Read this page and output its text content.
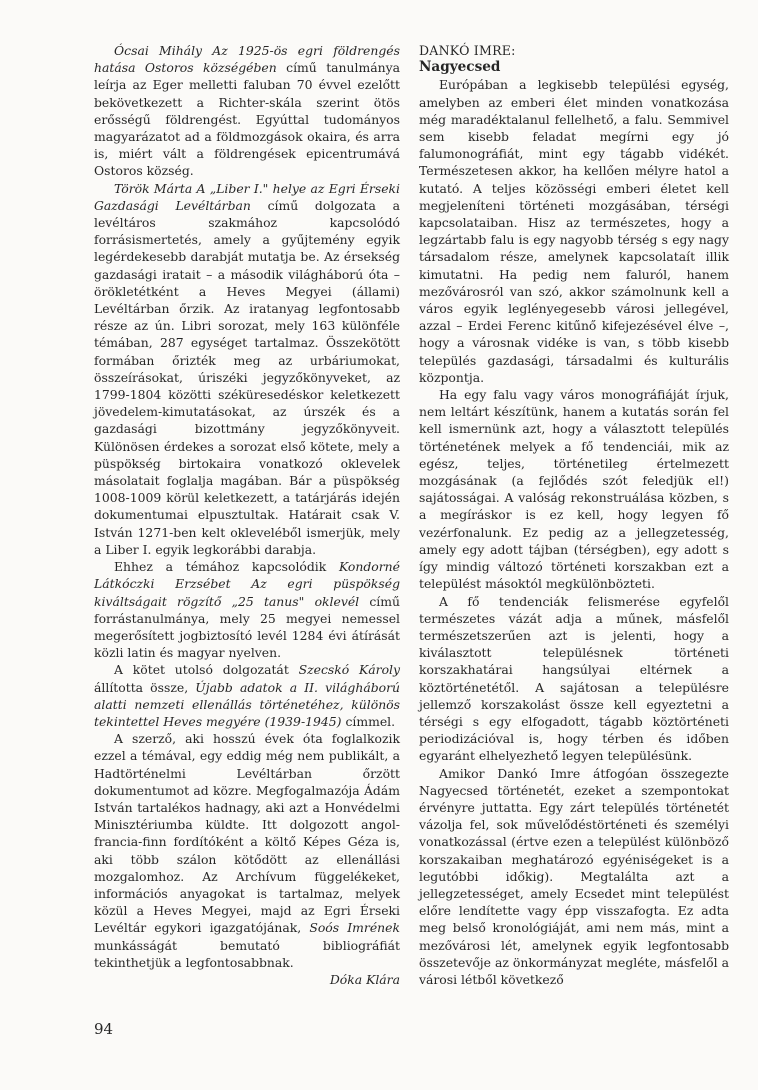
Ócsai Mihály Az 1925-ös egri földrengés hatása Ostoros községében című tanulmánya leírja az Eger melletti faluban 70 évvel ezelőtt bekövetkezett a Richter-skála szerint ötös erősségű földrengést. Egyúttal tudományos magyarázatot ad a földmozgások okaira, és arra is, miért vált a földrengések epicentrumává Ostoros község.

Török Márta A „Liber I." helye az Egri Érseki Gazdasági Levéltárban című dolgozata a levéltáros szakmához kapcsolódó forrásismertetés, amely a gyűjtemény egyik legérdekesebb darabját mutatja be. Az érsekség gazdasági iratait – a második világháború óta – örökletétként a Heves Megyei (állami) Levéltárban őrzik. Az iratanyag legfontosabb része az ún. Libri sorozat, mely 163 különféle témában, 287 egységet tartalmaz. Összekötött formában őrizték meg az urbáriumokat, összeírásokat, úriszéki jegyzőkönyveket, az 1799-1804 közötti széküresedéskor keletkezett jövedelem-kimutatásokat, az úrszék és a gazdasági bizottmány jegyzőkönyveit. Különösen érdekes a sorozat első kötete, mely a püspökség birtokaira vonatkozó oklevelek másolatait foglalja magában. Bár a püspökség 1008-1009 körül keletkezett, a tatárjárás idején dokumentumai elpusztultak. Határait csak V. István 1271-ben kelt okleveléből ismerjük, mely a Liber I. egyik legkorábbi darabja.

Ehhez a témához kapcsolódik Kondorné Látkóczki Erzsébet Az egri püspökség kiváltságait rögzítő „25 tanus" oklevél című forrástanulmánya, mely 25 megyei nemessel megerősített jogbiztosító levél 1284 évi átírását közli latin és magyar nyelven.

A kötet utolsó dolgozatát Szecskó Károly állította össze, Újabb adatok a II. világháború alatti nemzeti ellenállás történetéhez, különös tekintettel Heves megyére (1939-1945) címmel.

A szerző, aki hosszú évek óta foglalkozik ezzel a témával, egy eddig még nem publikált, a Hadtörténelmi Levéltárban őrzött dokumentumot ad közre. Megfogalmazója Ádám István tartalékos hadnagy, aki azt a Honvédelmi Minisztériumba küldte. Itt dolgozott angol-francia-finn fordítóként a költő Képes Géza is, aki több szálon kötődött az ellenállási mozgalomhoz. Az Archívum függelékeket, információs anyagokat is tartalmaz, melyek közül a Heves Megyei, majd az Egri Érseki Levéltár egykori igazgatójának, Soós Imrének munkásságát bemutató bibliográfiát tekinthetjük a legfontosabbnak.

Dóka Klára

DANKÓ IMRE:

Nagyecsed

Európában a legkisebb települési egység, amelyben az emberi élet minden vonatkozása még maradéktalanul fellelhető, a falu. Semmivel sem kisebb feladat megírni egy jó falumonográfiát, mint egy tágabb vidékét. Természetesen akkor, ha kellően mélyre hatol a kutató. A teljes közösségi emberi életet kell megjeleníteni történeti mozgásában, térségi kapcsolataiban. Hisz az természetes, hogy a legzártabb falu is egy nagyobb térség s egy nagy társadalom része, amelynek kapcsolataít illik kimutatni. Ha pedig nem faluról, hanem mezővárosról van szó, akkor számolnunk kell a város egyik leglényegesebb városi jellegével, azzal – Erdei Ferenc kitűnő kifejezésével élve –, hogy a városnak vidéke is van, s több kisebb település gazdasági, társadalmi és kulturális központja.

Ha egy falu vagy város monográfiáját írjuk, nem leltárt készítünk, hanem a kutatás során fel kell ismernünk azt, hogy a választott település történetének melyek a fő tendenciái, mik az egész, teljes, történetileg értelmezett mozgásának (a fejlődés szót feledjük el!) sajátosságai. A valóság rekonstruálása közben, s a megíráskor is ez kell, hogy legyen fő vezérfonalunk. Ez pedig az a jellegzetesség, amely egy adott tájban (térségben), egy adott s így mindig változó történeti korszakban ezt a települést másoktól megkülönbözteti.

A fő tendenciák felismerése egyfelől természetes vázát adja a műnek, másfelől természetszerűen azt is jelenti, hogy a kiválasztott településnek történeti korszakhatárai hangsúlyai eltérnek a köztörténetétől. A sajátosan a településre jellemző korszakolást össze kell egyeztetni a térségi s egy elfogadott, tágabb köztörténeti periodizációval is, hogy térben és időben egyaránt elhelyezhető legyen településünk.

Amikor Dankó Imre átfogóan összegezte Nagyecsed történetét, ezeket a szempontokat érvényre juttatta. Egy zárt település történetét vázolja fel, sok művelődéstörténeti és személyi vonatkozással (értve ezen a települést különböző korszakaiban meghatározó egyéniségeket is a legutóbbi időkig). Megtalálta azt a jellegzetességet, amely Ecsedet mint települést előre lendítette vagy épp visszafogta. Ez adta meg belső kronológiáját, ami nem más, mint a mezővárosi lét, amelynek egyik legfontosabb összetevője az önkormányzat megléte, másfelől a városi létből következő

94
